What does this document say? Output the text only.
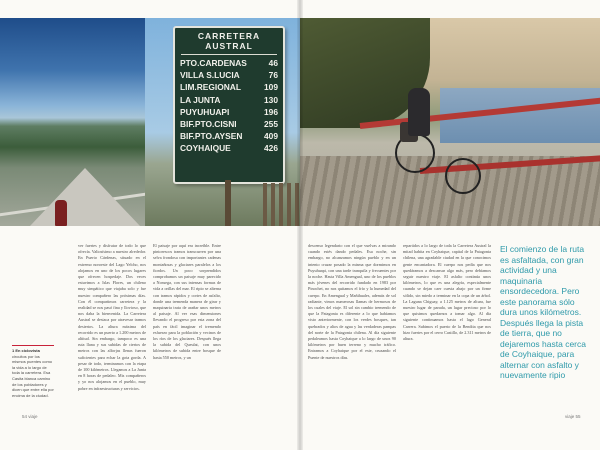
CARRETERA AUSTRAL
PTO.CARDENAS	46
VILLA S.LUCIA	76
LIM.REGIONAL	109
LA JUNTA	130
PUYUHUAPI	196
BIF.PTO.CISNI	255
BIF.PTO.AYSEN	409
COYHAIQUE	426
1 En ciclovista circuitos por los mismos puentes como la vida a lo largo de toda la carretera. Esa Casita blanca camino de los pobladores y dicen que entre ella por encima de la ciudad.

ver fuertes y disfrutar de todo lo que ofrecía. Valiosísimo a nuestro alrededor. En Puerto Cárdenas, situado en el extremo noroeste del Lago Yelcho, nos alojamos en uno de los pocos lugares que ofrecen hospedaje. Dos veces estuvimos a Islas Flores, un chileno muy simpático que viajaba solo y fue nuestro compañero las próximas días. Con él compartimos carretera y la realidad se nos pasó fina y llovioso, que nos daba la bienvenida. La Carretera Austral se destaca por atravesar tramos desiertos. La altura máxima del recorrido es un puerto a 1.200 metros de altitud. Sin embargo, tampoco es una ruta llana y sus subidas de ciertos de metros con las alforjas llenas fueron suficientes para echar la gota gorda. A pesar de todo, terminamos con la etapa de 100 kilómetros. Llegamos a La Junta en 8 horas de pedaleo. Mis compañeros y yo nos alojamos en el pueblo, muy pobre en infraestructuras y servicios.

El paisaje por aquí era increíble. Entre pintorescos tramos transcurren por una selva frondosa con importantes cadenas montañosas y glaciares paralelos a los fiordos. Un poco sorprendidos comprobamos un paisaje muy parecido a Noruega, con sus intensas formas de vida a orillas del mar. El ripio se alterna con tramos rápidos y cortes de asfalto, donde una tremenda manera de girar y maquinaria trata de arañar unos metros al paisaje. Al ver esas dimensiones llevando el progreso por esta zona del país en fácil imaginar el tremendo esfuerzo para la población y vecinos de los ríos de los glaciares. Después llega la subida del Queulat, con unos kilómetros de subida entre bosque de hasta 550 metros, y un

54 viaje

descenso legendario con el que vuelvas a mirando cuando estés dando pedales. Esa noche, sin embargo, no alcanzamos ningún pueblo y en un intento cruzar posado la misma que dormimos en Puyuhuapi, con una tarde tranquila y frecuentes por la noche. Hasta Villa Amengual, uno de los pueblos más jóvenes del recorrido fundado en 1983 por Pinochet, no nos quitamos el frío y la humedad del cuerpo. En Amengual y Mañihuales, además de sol radiante, vimos numerosas llamas de hermosos de los cuales del viaje. El sol sin cambio tremendo de que la Patagonia es diferente a lo que habíamos visto anteriormente, con los verdes bosques, tan quebrados y altos de agua y las verdaderas pampas del norte de la Patagonia chilena. Al día siguiente pedaleamos hasta Coyhaique a lo largo de unos 90 kilómetros por buen terreno y mucho tráfico. Entramos a Coyhaique por el este, cruzando el Puente de nuestros días.

repartidos a lo largo de toda la Carretera Austral la mitad habita en Coyhaique, capital de la Patagonia chilena, una agradable ciudad en la que conocimos gente encantadora. El cuerpo nos pedía que nos quedáramos a descansar algo más, pero debíamos seguir nuestro viaje. El asfalto continúa unos kilómetros, lo que es una alegría, especialmente cuando se dejan caer cuesta abajo por un firme sólido, sin miedo a terminar en la copa de un árbol. La Laguna Chiguay, a 1.125 metros de altura, fue nuestro lugar de parada, un lugar precioso por lo que quisimos quedarnos a tomar algo. Al día siguiente continuamos hasta el lago General Carrera. Subimos el puerto de la Bendita que nos hizo fuertes por el cerro Castillo, de 2.311 metros de altura.

El comienzo de la ruta es asfaltada, con gran actividad y una maquinaria ensordecedora. Pero este panorama sólo dura unos kilómetros. Después llega la pista de tierra, que no dejaremos hasta cerca de Coyhaique, para alternar con asfalto y nuevamente ripio
viaje 55
